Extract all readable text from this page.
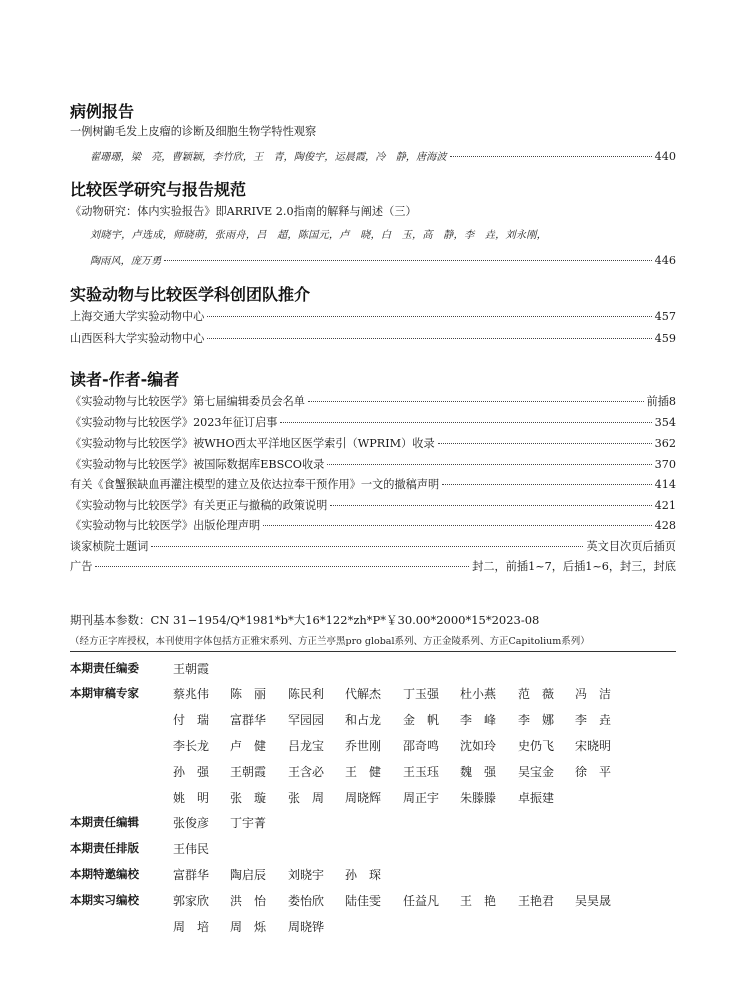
病例报告
一例树鼩毛发上皮瘤的诊断及细胞生物学特性观察
翟珊珊，梁　亮，曹颖颖，李竹欣，王　青，陶俊宇，运晨霞，冷　静，唐海波	440
比较医学研究与报告规范
《动物研究：体内实验报告》即ARRIVE 2.0指南的解释与阐述（三）
刘晓宇，卢选成，师晓萌，张雨舟，吕　超，陈国元，卢　晓，白　玉，高　静，李　垚，刘永刚，
陶雨风，庞万勇	446
实验动物与比较医学科创团队推介
上海交通大学实验动物中心	457
山西医科大学实验动物中心	459
读者-作者-编者
《实验动物与比较医学》第七届编辑委员会名单	前插8
《实验动物与比较医学》2023年征订启事	354
《实验动物与比较医学》被WHO西太平洋地区医学索引（WPRIM）收录	362
《实验动物与比较医学》被国际数据库EBSCO收录	370
有关《食蟹猴缺血再灌注模型的建立及依达拉奉干预作用》一文的撤稿声明	414
《实验动物与比较医学》有关更正与撤稿的政策说明	421
《实验动物与比较医学》出版伦理声明	428
谈家桢院士题词	英文目次页后插页
广告	封二，前插1~7，后插1~6，封三，封底
期刊基本参数：CN 31−1954/Q*1981*b*大16*122*zh*P*￥30.00*2000*15*2023-08
（经方正字库授权，本刊使用字体包括方正雅宋系列、方正兰亭黑pro global系列、方正金陵系列、方正Capitolium系列）
本期责任编委	王朝霞
本期审稿专家	蔡兆伟 陈　丽 陈民利 代解杰 丁玉强 杜小燕 范　薇 冯　洁
付　瑞 富群华 罕园园 和占龙 金　帆 李　峰 李　娜 李　垚
李长龙 卢　健 吕龙宝 乔世刚 邵奇鸣 沈如玲 史仍飞 宋晓明
孙　强 王朝霞 王含必 王　健 王玉珏 魏　强 吴宝金 徐　平
姚　明 张　璇 张　周 周晓辉 周正宇 朱滕滕 卓振建
本期责任编辑	张俊彦 丁宇菁
本期责任排版	王伟民
本期特邀编校	富群华 陶启辰 刘晓宇 孙　琛
本期实习编校	郭家欣 洪　怡 娄怡欣 陆佳雯 任益凡 王　艳 王艳君 吴昊晟
周　培 周　烁 周晓铧
